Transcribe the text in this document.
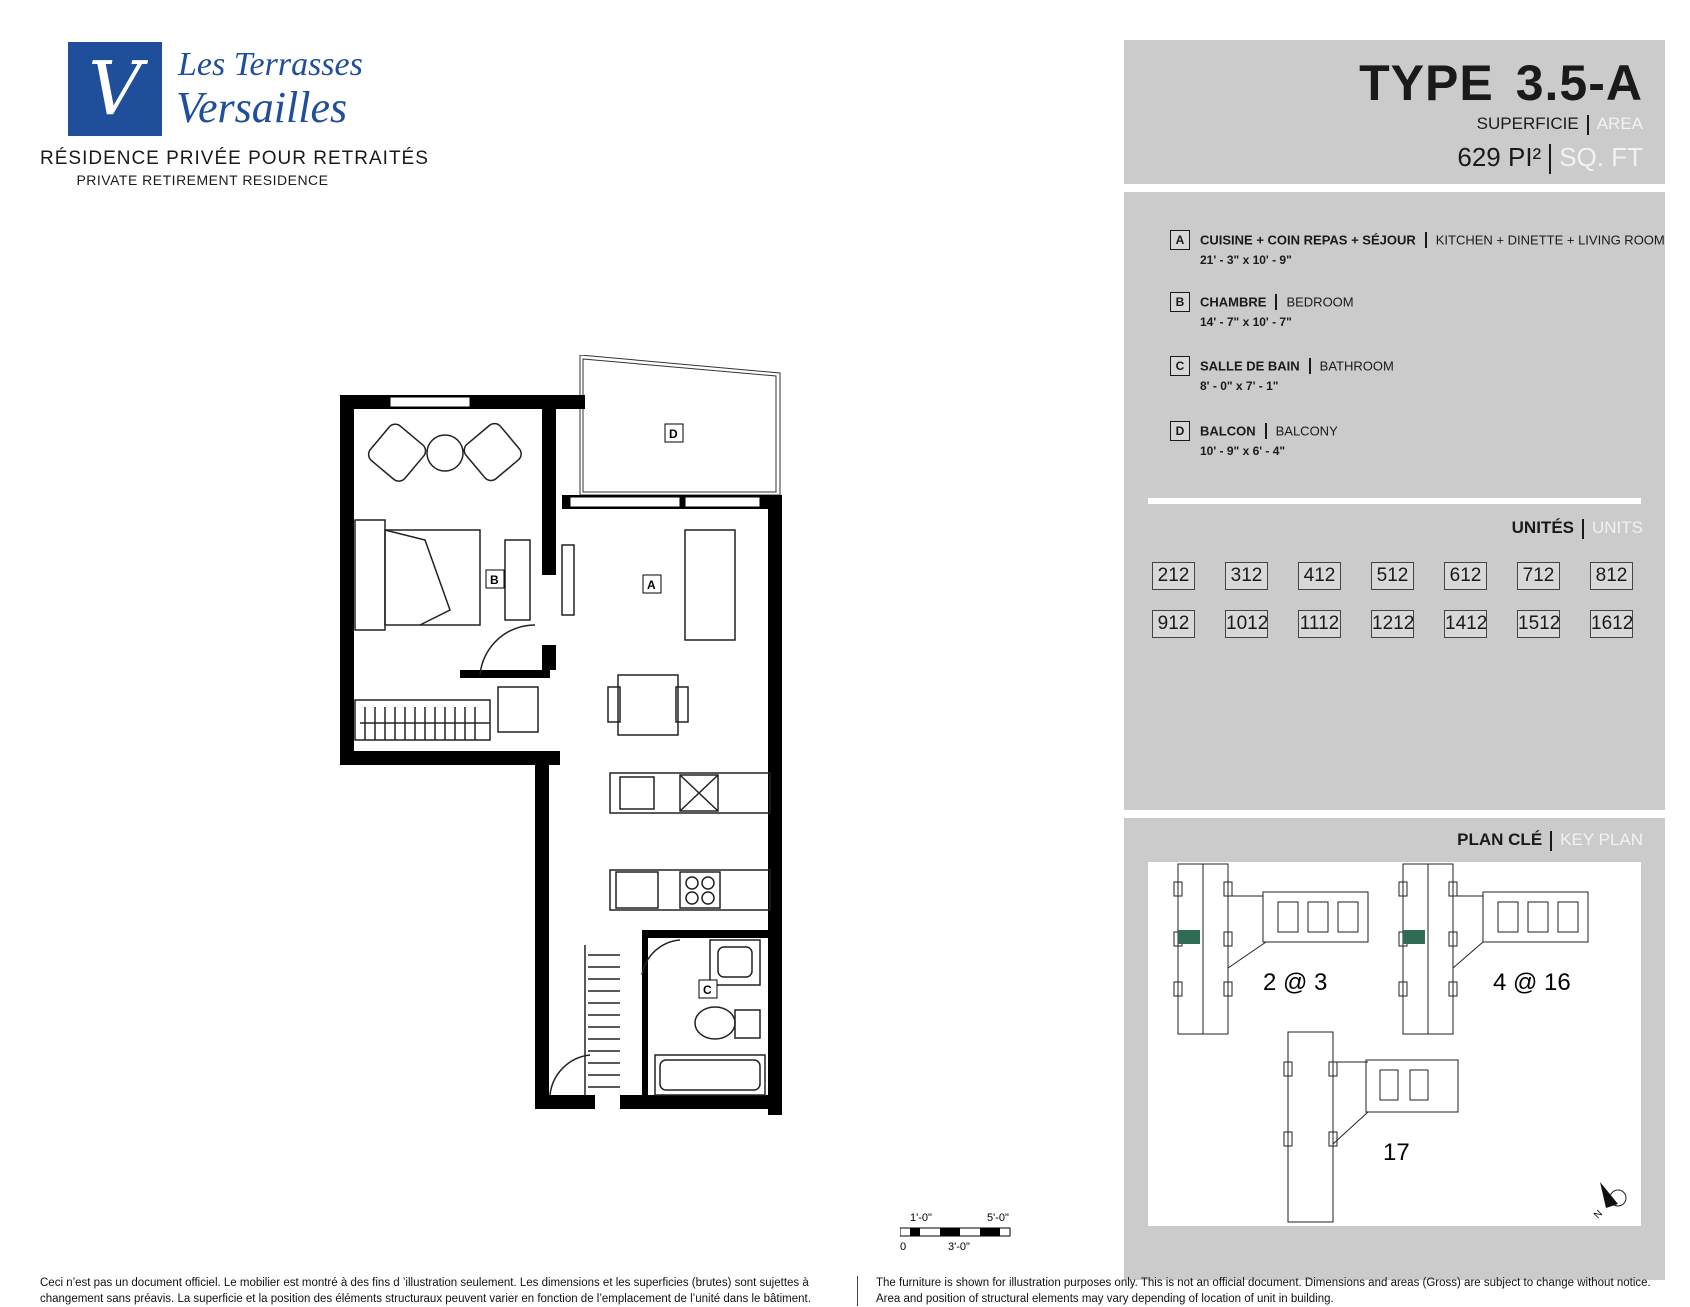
V	Les Terrasses
Versailles
RÉSIDENCE PRIVÉE POUR RETRAITÉS
PRIVATE RETIREMENT RESIDENCE
TYPE 3.5-A
SUPERFICIE AREA
629 PI² SQ. FT
A CUISINE + COIN REPAS + SÉJOUR KITCHEN + DINETTE + LIVING ROOM
21' - 3" x 10' - 9"
B CHAMBRE BEDROOM
14' - 7" x 10' - 7"
C SALLE DE BAIN BATHROOM
8' - 0" x 7' - 1"
D BALCON BALCONY
10' - 9" x 6' - 4"
UNITÉS UNITS
212 312 412 512 612 712 812
912 1012 1112 1212 1412 1512 1612
PLAN CLÉ KEY PLAN
2 @ 3	4 @ 16
17
N
D
B	A
C
1'-0"	5'-0"
0	3'-0"
Ceci n’est pas un document officiel. Le mobilier est montré à des fins d ’illustration seulement. Les dimensions et les superficies (brutes) sont sujettes à changement sans préavis. La superficie et la position des éléments structuraux peuvent varier en fonction de l’emplacement de l’unité dans le bâtiment.
The furniture is shown for illustration purposes only. This is not an official document. Dimensions and areas (Gross) are subject to change without notice. Area and position of structural elements may vary depending of location of unit in building.
